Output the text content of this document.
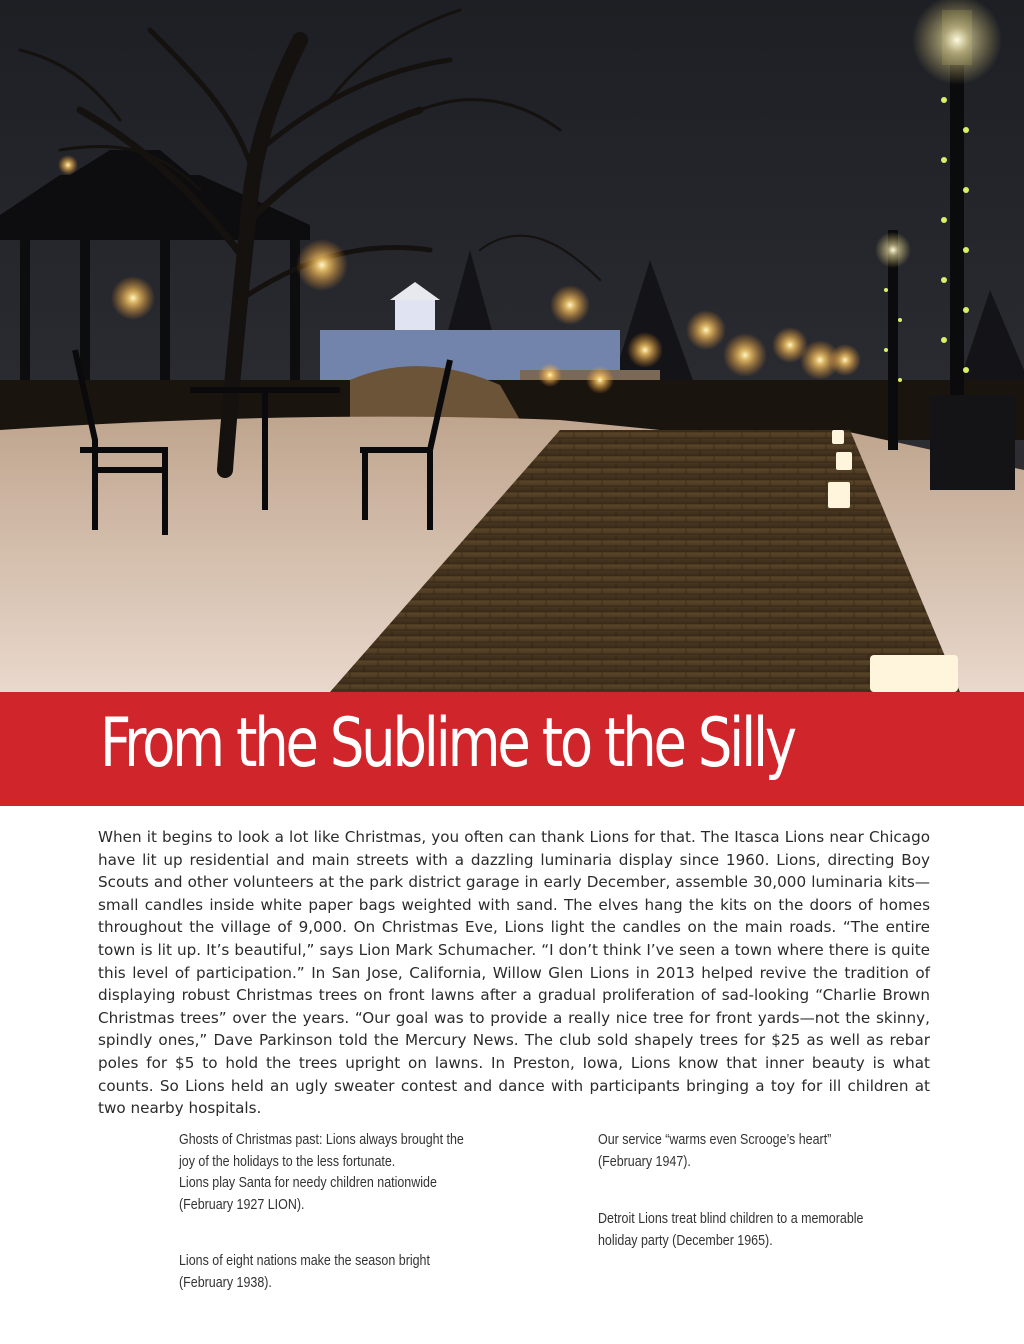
From the Sublime to the Silly

When it begins to look a lot like Christmas, you often can thank Lions for that. The Itasca Lions near Chicago have lit up residential and main streets with a dazzling luminaria display since 1960. Lions, directing Boy Scouts and other volunteers at the park district garage in early December, assemble 30,000 luminaria kits—small candles inside white paper bags weighted with sand. The elves hang the kits on the doors of homes throughout the village of 9,000. On Christmas Eve, Lions light the candles on the main roads. “The entire town is lit up. It’s beautiful,” says Lion Mark Schumacher. “I don’t think I’ve seen a town where there is quite this level of participation.” In San Jose, California, Willow Glen Lions in 2013 helped revive the tradition of displaying robust Christmas trees on front lawns after a gradual proliferation of sad-looking “Charlie Brown Christmas trees” over the years. “Our goal was to provide a really nice tree for front yards—not the skinny, spindly ones,” Dave Parkinson told the Mercury News. The club sold shapely trees for $25 as well as rebar poles for $5 to hold the trees upright on lawns. In Preston, Iowa, Lions know that inner beauty is what counts. So Lions held an ugly sweater contest and dance with participants bringing a toy for ill children at two nearby hospitals.

Ghosts of Christmas past: Lions always brought the
joy of the holidays to the less fortunate.
Lions play Santa for needy children nationwide
(February 1927 LION).

Lions of eight nations make the season bright
(February 1938).

Our service “warms even Scrooge’s heart”
(February 1947).

Detroit Lions treat blind children to a memorable
holiday party (December 1965).
